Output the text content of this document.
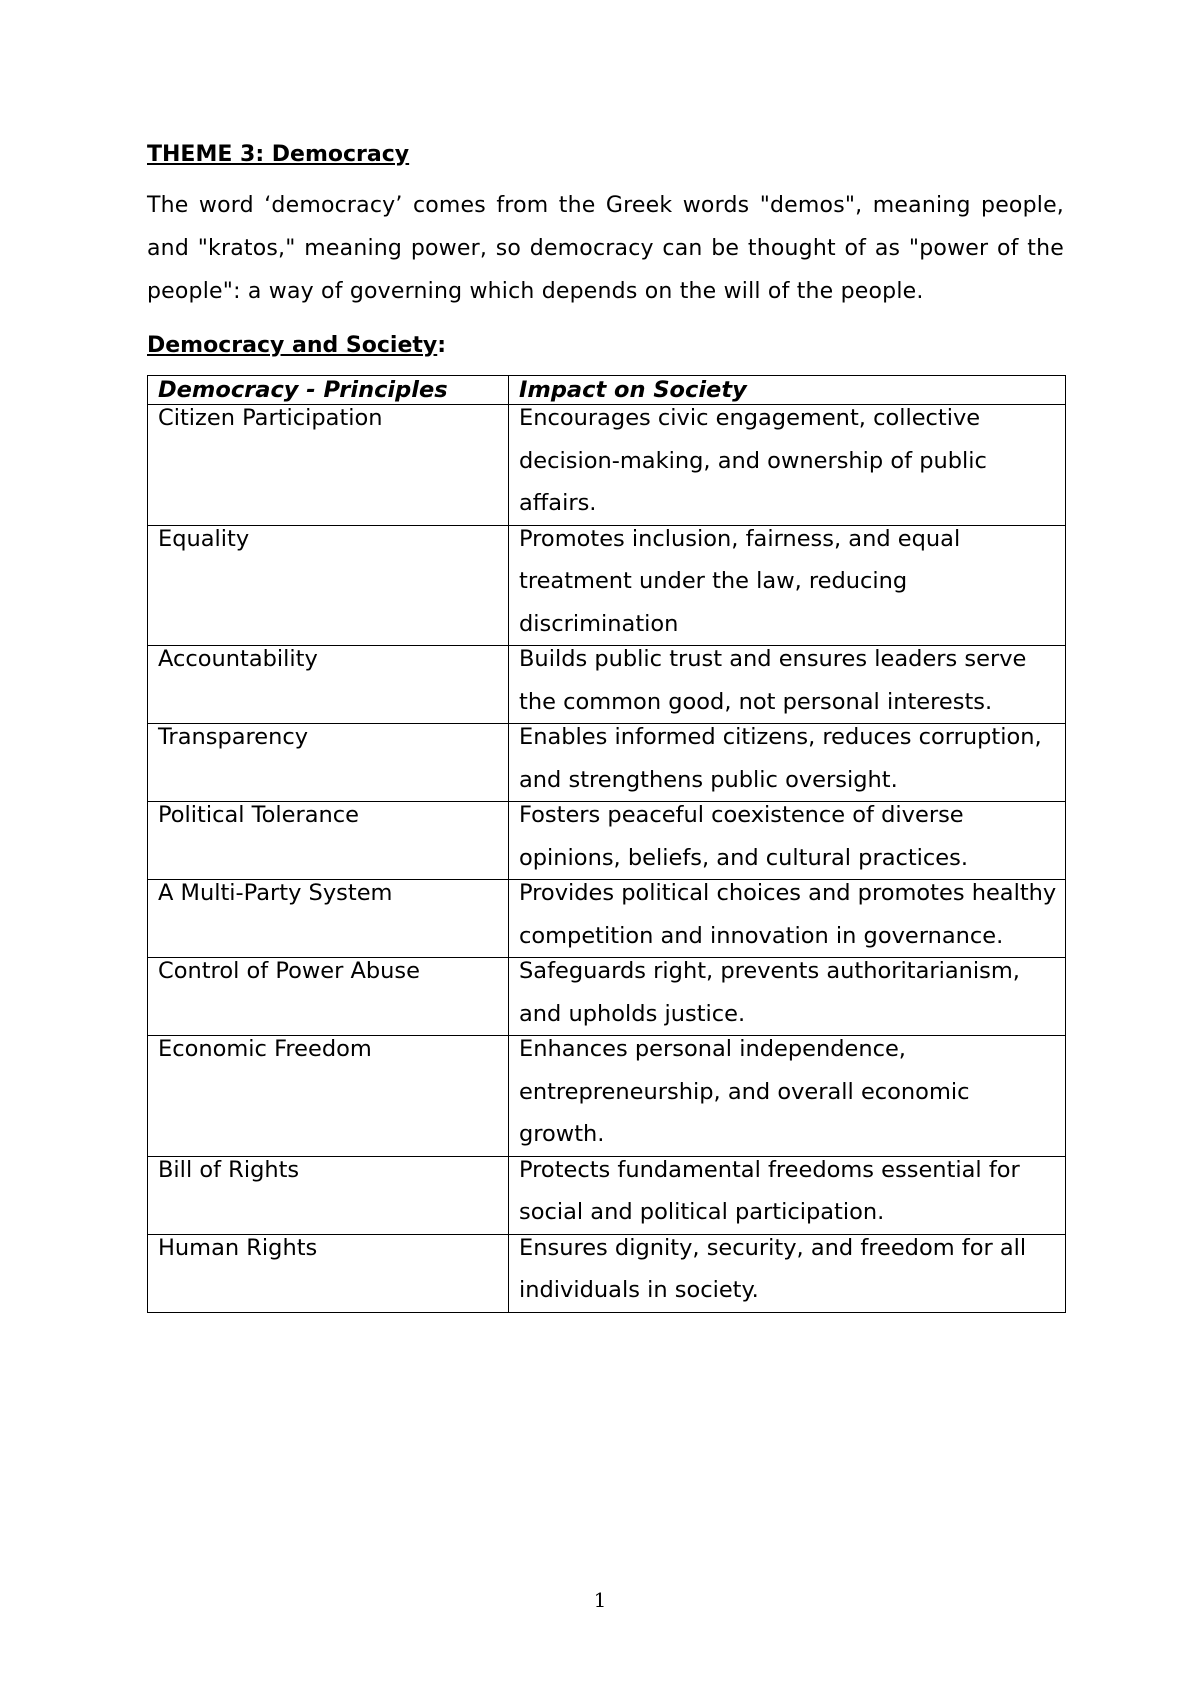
THEME 3: Democracy

The word ‘democracy’ comes from the Greek words "demos", meaning people, and "kratos," meaning power, so democracy can be thought of as "power of the people": a way of governing which depends on the will of the people.

Democracy and Society:
Democracy - Principles	Impact on Society

Citizen Participation	Encourages civic engagement, collective decision-making, and ownership of public affairs.

Equality	Promotes inclusion, fairness, and equal treatment under the law, reducing discrimination

Accountability	Builds public trust and ensures leaders serve the common good, not personal interests.

Transparency	Enables informed citizens, reduces corruption, and strengthens public oversight.

Political Tolerance	Fosters peaceful coexistence of diverse opinions, beliefs, and cultural practices.

A Multi-Party System	Provides political choices and promotes healthy competition and innovation in governance.

Control of Power Abuse	Safeguards right, prevents authoritarianism, and upholds justice.

Economic Freedom	Enhances personal independence, entrepreneurship, and overall economic growth.

Bill of Rights	Protects fundamental freedoms essential for social and political participation.

Human Rights	Ensures dignity, security, and freedom for all individuals in society.
1
